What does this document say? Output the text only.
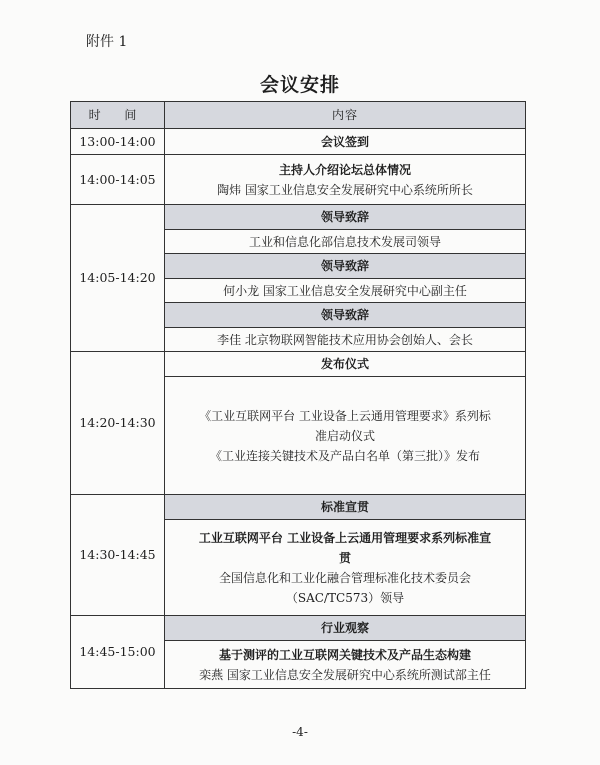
附件 1
会议安排
时 间	内容
13:00-14:00	会议签到
14:00-14:05	主持人介绍论坛总体情况
陶炜 国家工业信息安全发展研究中心系统所所长

14:05-14:20	领导致辞
	工业和信息化部信息技术发展司领导
	领导致辞
	何小龙 国家工业信息安全发展研究中心副主任
	领导致辞
	李佳 北京物联网智能技术应用协会创始人、会长
14:20-14:30	发布仪式

	《工业互联网平台 工业设备上云通用管理要求》系列标
准启动仪式
《工业连接关键技术及产品白名单（第三批）》发布

14:30-14:45	标准宣贯

	工业互联网平台 工业设备上云通用管理要求系列标准宣
贯
全国信息化和工业化融合管理标准化技术委员会
（SAC/TC573）领导

14:45-15:00	行业观察

	基于测评的工业互联网关键技术及产品生态构建
栾燕 国家工业信息安全发展研究中心系统所测试部主任
-4-
